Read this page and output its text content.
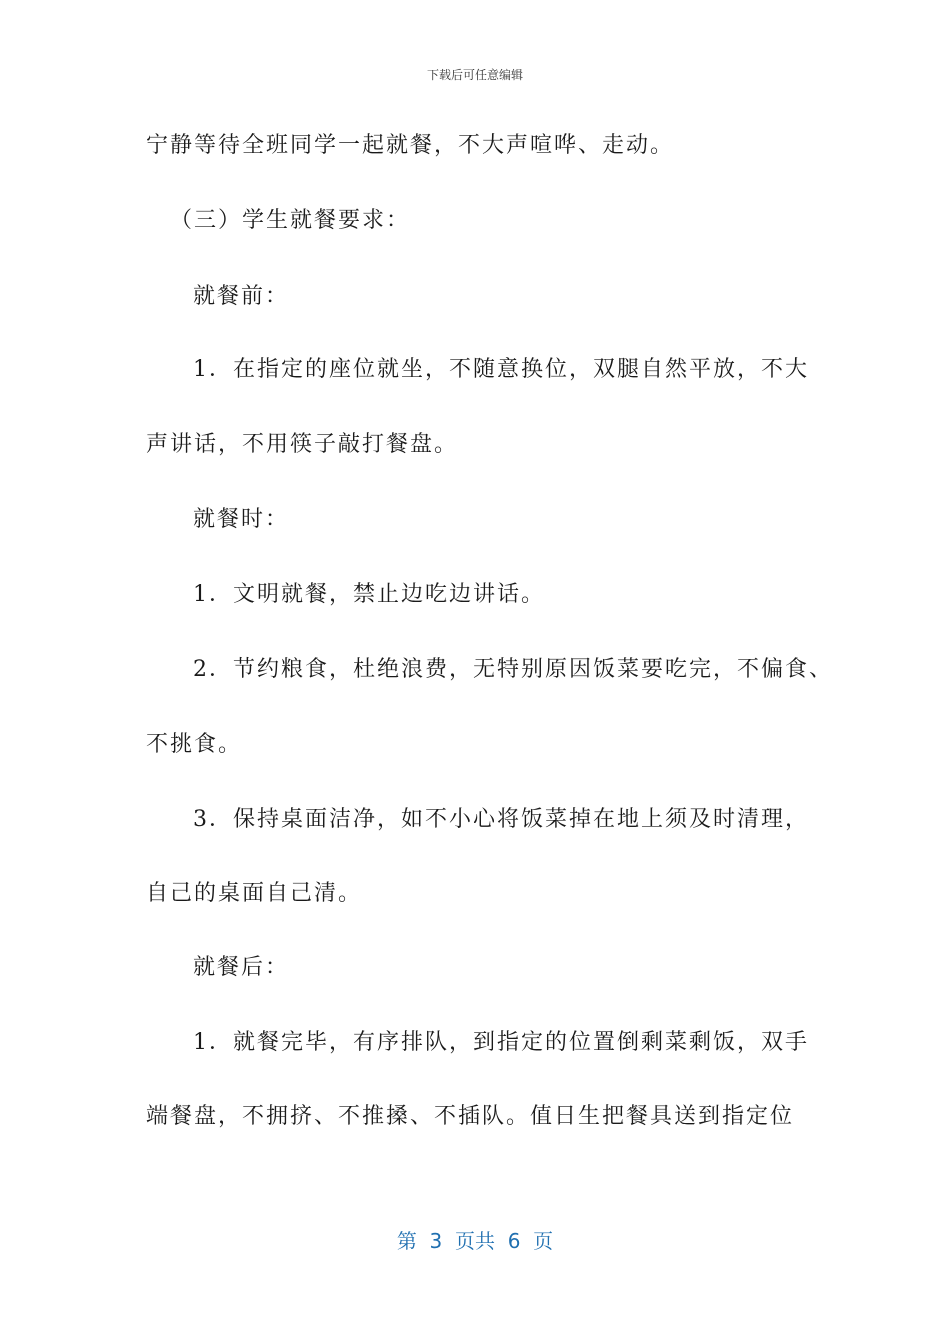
下载后可任意编辑
宁静等待全班同学一起就餐，不大声喧哗、走动。
（三）学生就餐要求：
就餐前：
1．在指定的座位就坐，不随意换位，双腿自然平放，不大
声讲话，不用筷子敲打餐盘。
就餐时：
1．文明就餐，禁止边吃边讲话。
2．节约粮食，杜绝浪费，无特别原因饭菜要吃完，不偏食、
不挑食。
3．保持桌面洁净，如不小心将饭菜掉在地上须及时清理，
自己的桌面自己清。
就餐后：
1．就餐完毕，有序排队，到指定的位置倒剩菜剩饭，双手
端餐盘，不拥挤、不推搡、不插队。值日生把餐具送到指定位
第  3  页共  6  页
